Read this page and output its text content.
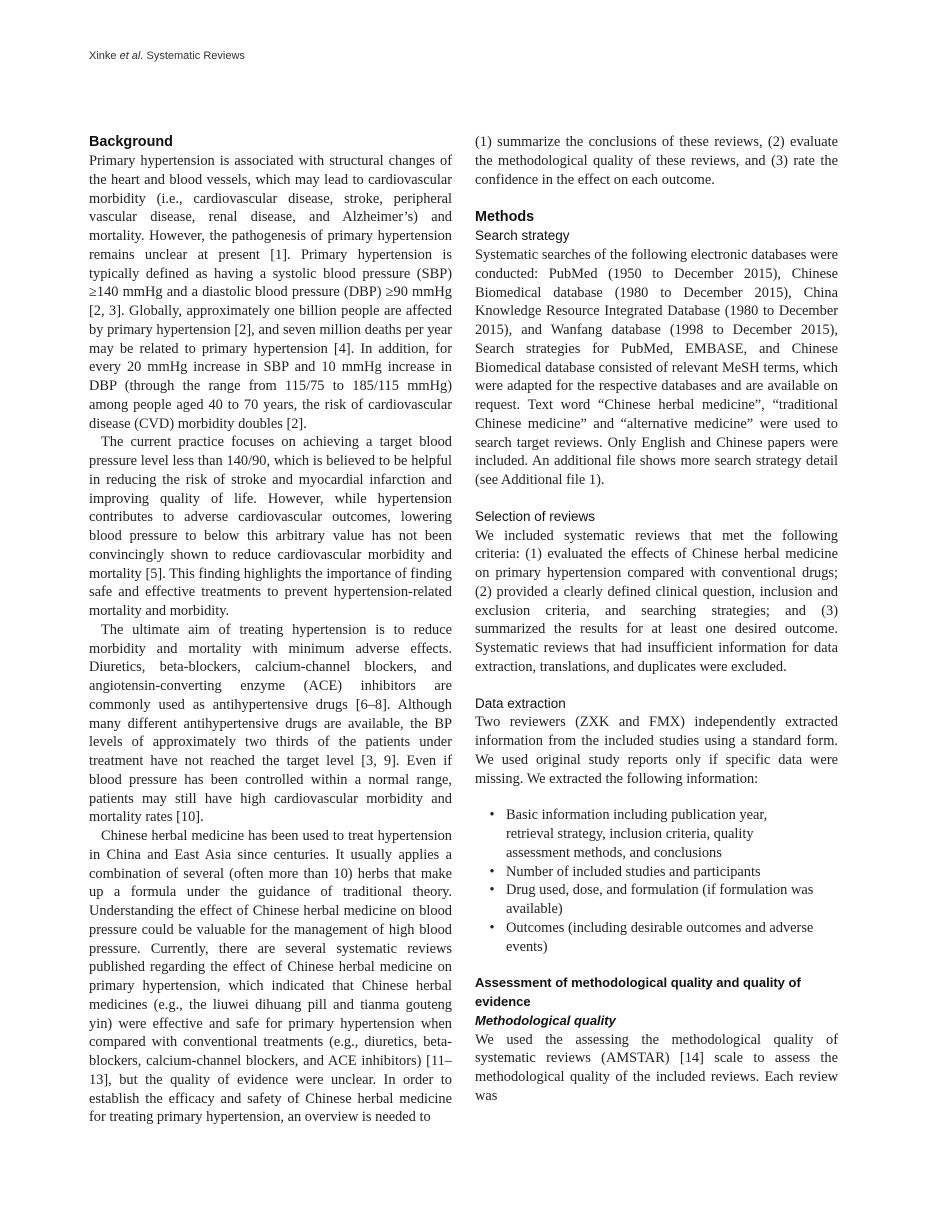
Xinke et al. Systematic Reviews
Background

Primary hypertension is associated with structural changes of the heart and blood vessels, which may lead to cardiovascular morbidity (i.e., cardiovascular disease, stroke, peripheral vascular disease, renal disease, and Alzheimer’s) and mortality. However, the pathogenesis of primary hypertension remains unclear at present [1]. Primary hypertension is typically defined as having a systolic blood pressure (SBP) ≥140 mmHg and a diastolic blood pressure (DBP) ≥90 mmHg [2, 3]. Globally, approximately one billion people are affected by primary hypertension [2], and seven million deaths per year may be related to primary hypertension [4]. In addition, for every 20 mmHg increase in SBP and 10 mmHg increase in DBP (through the range from 115/75 to 185/115 mmHg) among people aged 40 to 70 years, the risk of cardiovascular disease (CVD) morbidity doubles [2].

The current practice focuses on achieving a target blood pressure level less than 140/90, which is believed to be helpful in reducing the risk of stroke and myocardial infarction and improving quality of life. However, while hypertension contributes to adverse cardiovascular outcomes, lowering blood pressure to below this arbitrary value has not been convincingly shown to reduce cardiovascular morbidity and mortality [5]. This finding highlights the importance of finding safe and effective treatments to prevent hypertension-related mortality and morbidity.

The ultimate aim of treating hypertension is to reduce morbidity and mortality with minimum adverse effects. Diuretics, beta-blockers, calcium-channel blockers, and angiotensin-converting enzyme (ACE) inhibitors are commonly used as antihypertensive drugs [6–8]. Although many different antihypertensive drugs are available, the BP levels of approximately two thirds of the patients under treatment have not reached the target level [3, 9]. Even if blood pressure has been controlled within a normal range, patients may still have high cardiovascular morbidity and mortality rates [10].

Chinese herbal medicine has been used to treat hypertension in China and East Asia since centuries. It usually applies a combination of several (often more than 10) herbs that make up a formula under the guidance of traditional theory. Understanding the effect of Chinese herbal medicine on blood pressure could be valuable for the management of high blood pressure. Currently, there are several systematic reviews published regarding the effect of Chinese herbal medicine on primary hypertension, which indicated that Chinese herbal medicines (e.g., the liuwei dihuang pill and tianma gouteng yin) were effective and safe for primary hypertension when compared with conventional treatments (e.g., diuretics, beta-blockers, calcium-channel blockers, and ACE inhibitors) [11–13], but the quality of evidence were unclear. In order to establish the efficacy and safety of Chinese herbal medicine for treating primary hypertension, an overview is needed to

(1) summarize the conclusions of these reviews, (2) evaluate the methodological quality of these reviews, and (3) rate the confidence in the effect on each outcome.

Methods
Search strategy

Systematic searches of the following electronic databases were conducted: PubMed (1950 to December 2015), Chinese Biomedical database (1980 to December 2015), China Knowledge Resource Integrated Database (1980 to December 2015), and Wanfang database (1998 to December 2015), Search strategies for PubMed, EMBASE, and Chinese Biomedical database consisted of relevant MeSH terms, which were adapted for the respective databases and are available on request. Text word “Chinese herbal medicine”, “traditional Chinese medicine” and “alternative medicine” were used to search target reviews. Only English and Chinese papers were included. An additional file shows more search strategy detail (see Additional file 1).

Selection of reviews

We included systematic reviews that met the following criteria: (1) evaluated the effects of Chinese herbal medicine on primary hypertension compared with conventional drugs; (2) provided a clearly defined clinical question, inclusion and exclusion criteria, and searching strategies; and (3) summarized the results for at least one desired outcome. Systematic reviews that had insufficient information for data extraction, translations, and duplicates were excluded.

Data extraction

Two reviewers (ZXK and FMX) independently extracted information from the included studies using a standard form. We used original study reports only if specific data were missing. We extracted the following information:

• Basic information including publication year, retrieval strategy, inclusion criteria, quality assessment methods, and conclusions
• Number of included studies and participants
• Drug used, dose, and formulation (if formulation was available)
• Outcomes (including desirable outcomes and adverse events)
Assessment of methodological quality and quality of evidence
Methodological quality

We used the assessing the methodological quality of systematic reviews (AMSTAR) [14] scale to assess the methodological quality of the included reviews. Each review was
